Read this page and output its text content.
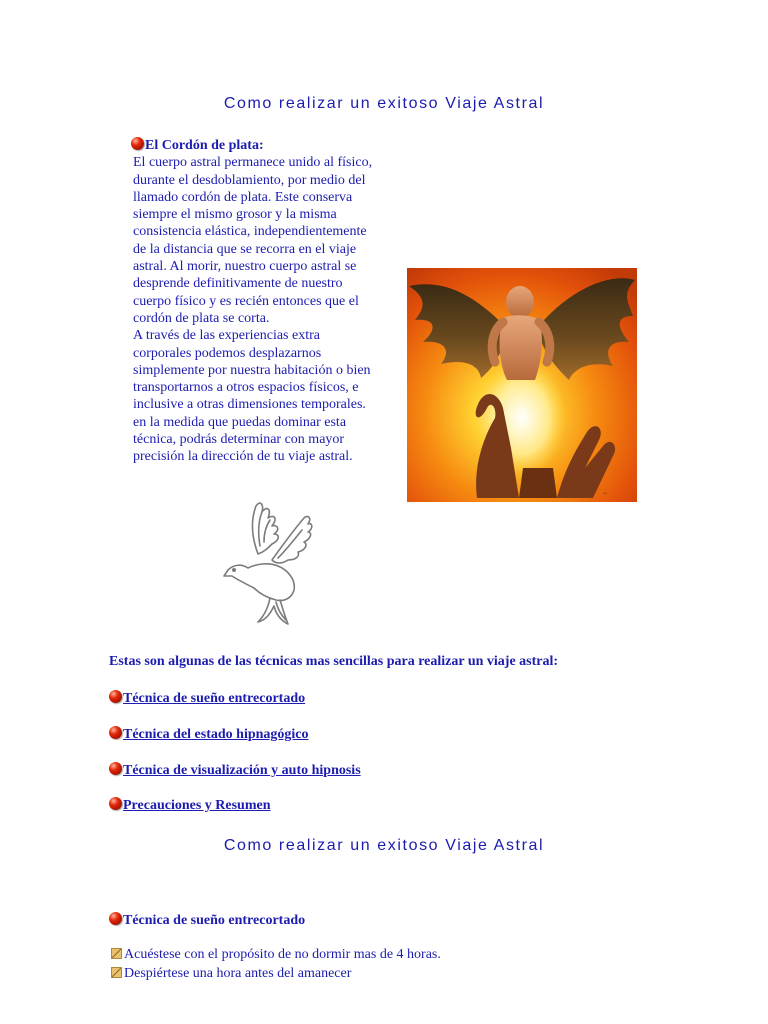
Como realizar un exitoso Viaje Astral
El Cordón de plata:
El cuerpo astral permanece unido al físico,
durante el desdoblamiento, por medio del
llamado cordón de plata. Este conserva
siempre el mismo grosor y la misma
consistencia elástica, independientemente
de la distancia que se recorra en el viaje
astral. Al morir, nuestro cuerpo astral se
desprende definitivamente de nuestro
cuerpo físico y es recién entonces que el
cordón de plata se corta.
A través de las experiencias extra
corporales podemos desplazarnos
simplemente por nuestra habitación o bien
transportarnos a otros espacios físicos, e
inclusive a otras dimensiones temporales.
en la medida que puedas dominar esta
técnica, podrás determinar con mayor
precisión la dirección de tu viaje astral.
~
Estas son algunas de las técnicas mas sencillas para realizar un viaje astral:
Técnica de sueño entrecortado
Técnica del estado hipnagógico
Técnica de visualización y auto hipnosis
Precauciones y Resumen
Como realizar un exitoso Viaje Astral
Técnica de sueño entrecortado
Acuéstese con el propósito de no dormir mas de 4 horas.
Despiértese una hora antes del amanecer
